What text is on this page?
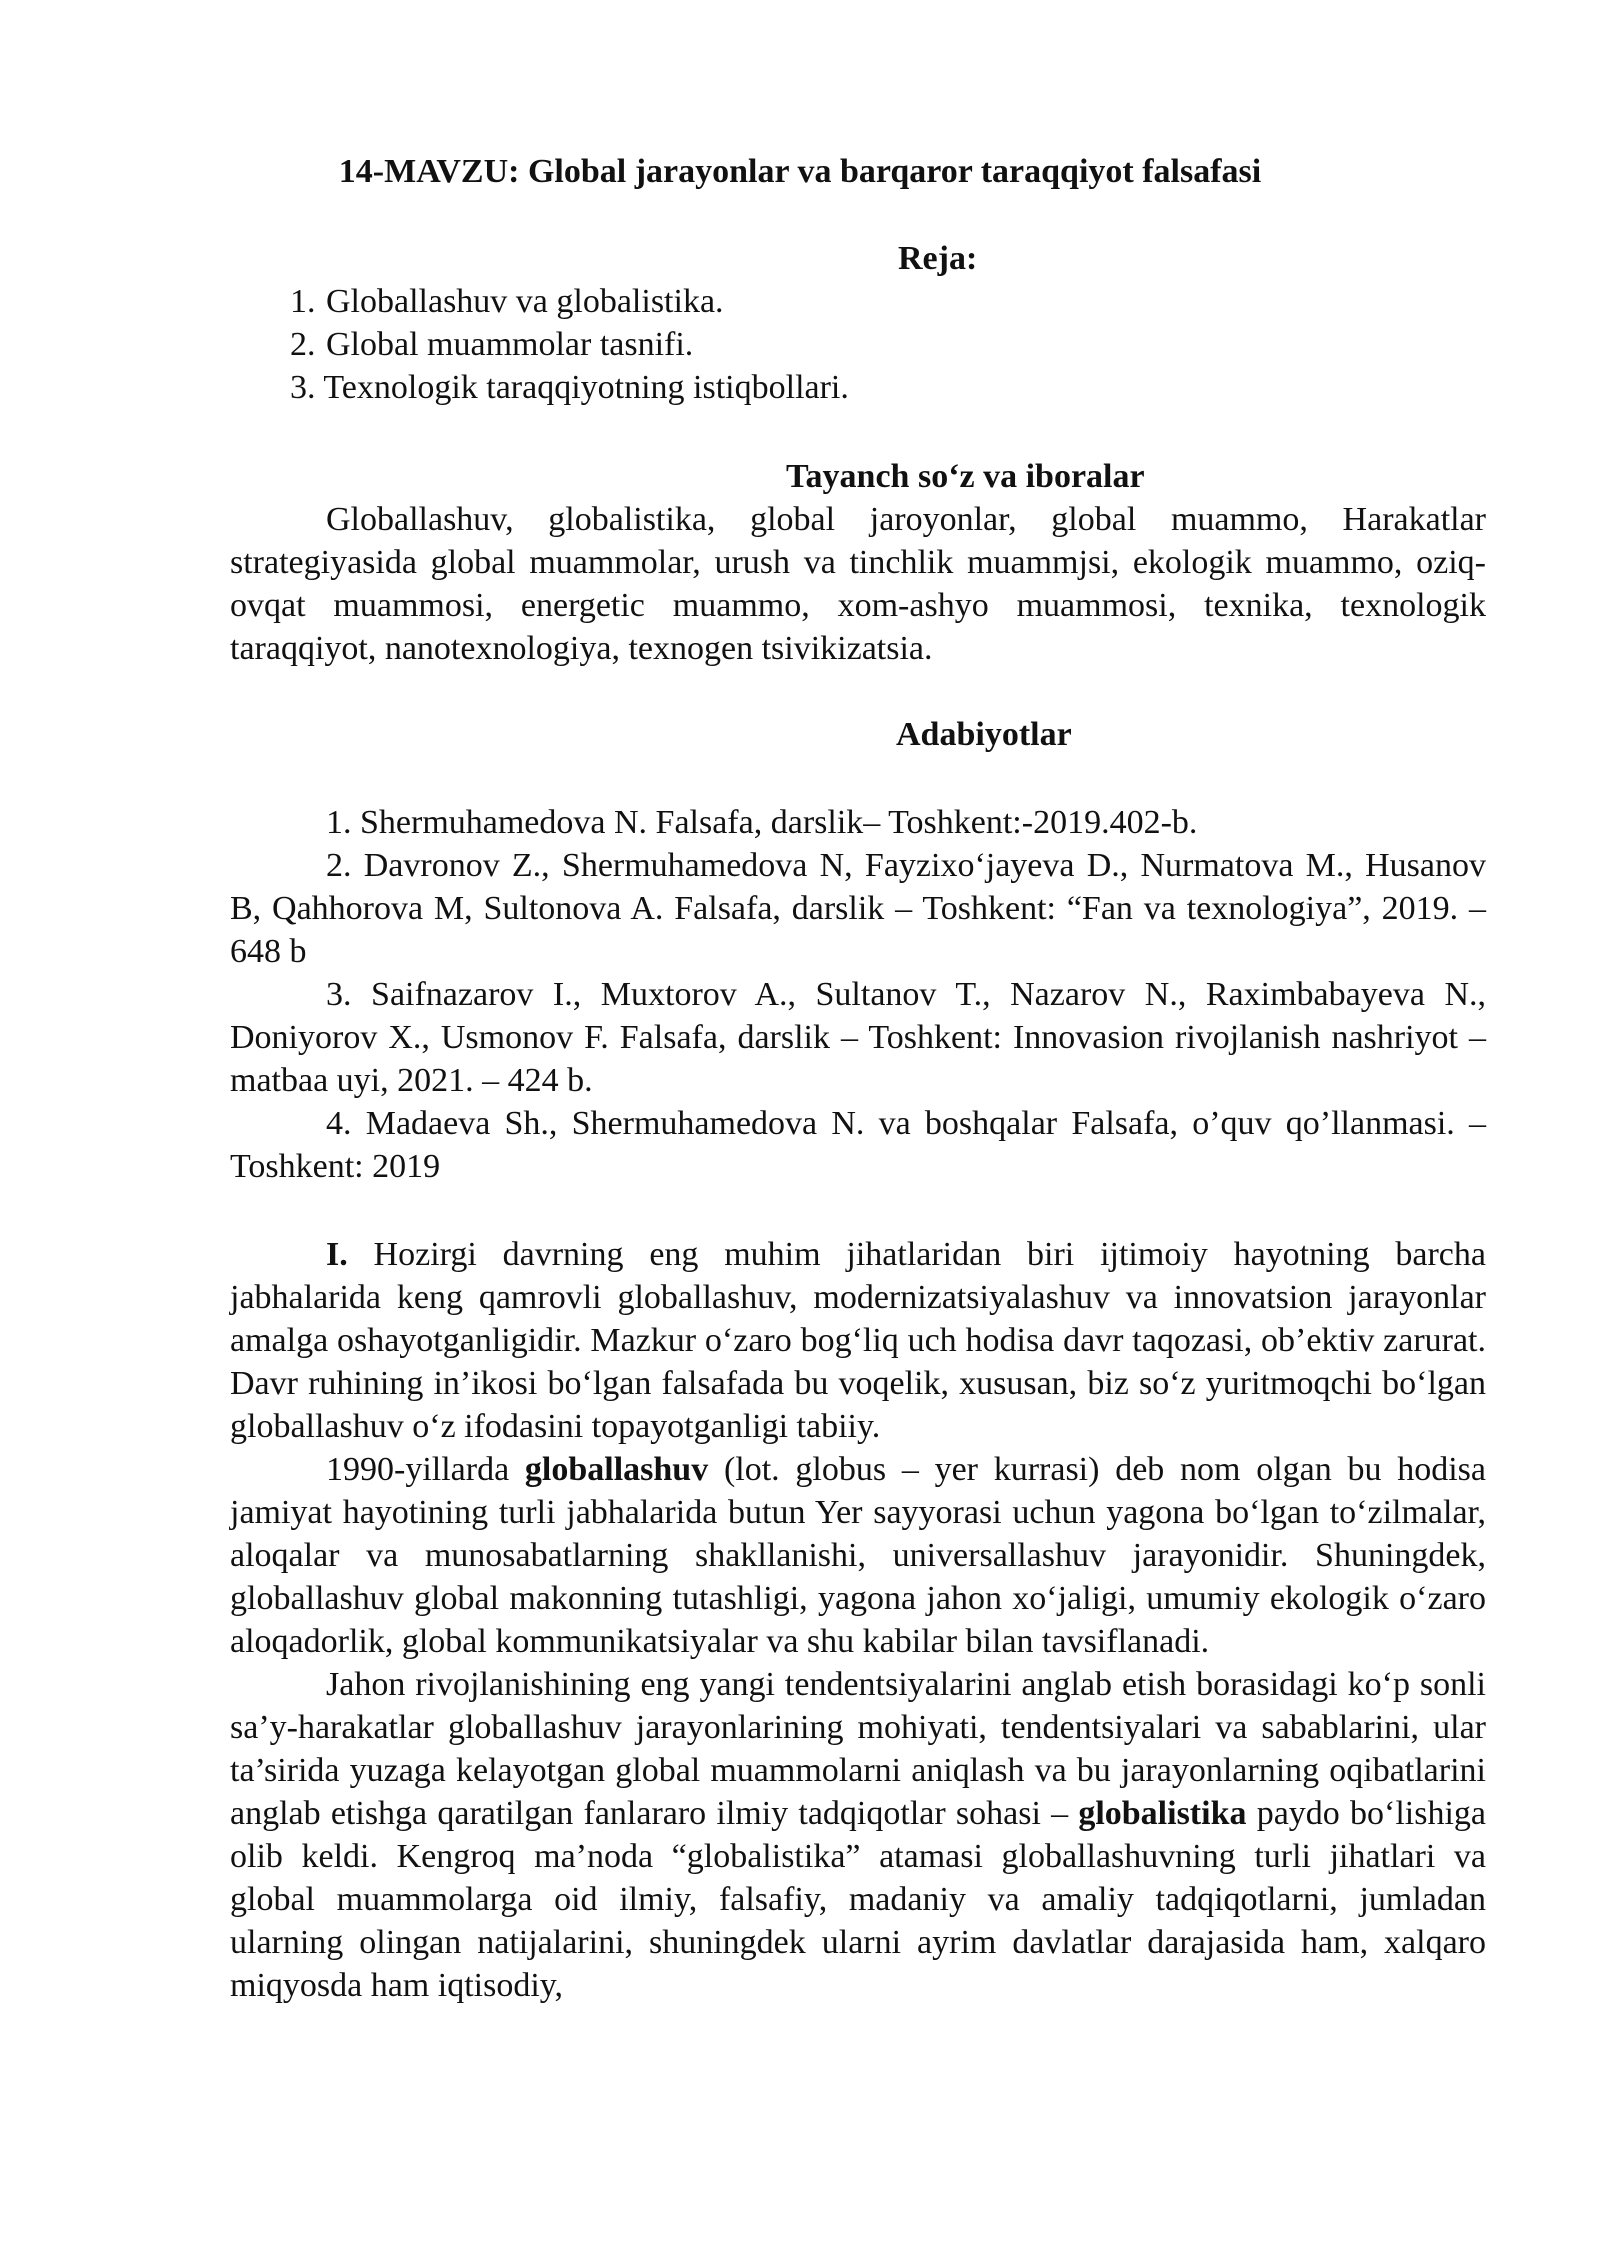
14-MAVZU: Global jarayonlar va barqaror taraqqiyot falsafasi
Reja:
1. Globallashuv va globalistika.
2. Global muammolar tasnifi.
3. Texnologik taraqqiyotning istiqbollari.
Tayanch so‘z va iboralar

Globallashuv, globalistika, global jaroyonlar, global muammo, Harakatlar strategiyasida global muammolar, urush va tinchlik muammjsi, ekologik muammo, oziq-ovqat muammosi, energetic muammo, xom-ashyo muammosi, texnika, texnologik taraqqiyot, nanotexnologiya, texnogen tsivikizatsia.

Adabiyotlar

1. Shermuhamedova N. Falsafa, darslik– Toshkent:-2019.402-b.

2. Davronov Z., Shermuhamedova N, Fayzixo‘jayeva D., Nurmatova M., Husanov B, Qahhorova M, Sultonova A. Falsafa, darslik – Toshkent: “Fan va texnologiya”, 2019. – 648 b

3. Saifnazarov I., Muxtorov A., Sultanov T., Nazarov N., Raximbabayeva N., Doniyorov X., Usmonov F. Falsafa, darslik – Toshkent: Innovasion rivojlanish nashriyot –matbaa uyi, 2021. – 424 b.

4. Madaeva Sh., Shermuhamedova N. va boshqalar Falsafa, o’quv qo’llanmasi. –Toshkent: 2019

I. Hozirgi davrning eng muhim jihatlaridan biri ijtimoiy hayotning barcha jabhalarida keng qamrovli globallashuv, modernizatsiyalashuv va innovatsion jarayonlar amalga oshayotganligidir. Mazkur o‘zaro bog‘liq uch hodisa davr taqozasi, ob’ektiv zarurat. Davr ruhining in’ikosi bo‘lgan falsafada bu voqelik, xususan, biz so‘z yuritmoqchi bo‘lgan globallashuv o‘z ifodasini topayotganligi tabiiy.

1990-yillarda globallashuv (lot. globus – yer kurrasi) deb nom olgan bu hodisa jamiyat hayotining turli jabhalarida butun Yer sayyorasi uchun yagona bo‘lgan to‘zilmalar, aloqalar va munosabatlarning shakllanishi, universallashuv jarayonidir. Shuningdek, globallashuv global makonning tutashligi, yagona jahon xo‘jaligi, umumiy ekologik o‘zaro aloqadorlik, global kommunikatsiyalar va shu kabilar bilan tavsiflanadi.

Jahon rivojlanishining eng yangi tendentsiyalarini anglab etish borasidagi ko‘p sonli sa’y-harakatlar globallashuv jarayonlarining mohiyati, tendentsiyalari va sabablarini, ular ta’sirida yuzaga kelayotgan global muammolarni aniqlash va bu jarayonlarning oqibatlarini anglab etishga qaratilgan fanlararo ilmiy tadqiqotlar sohasi – globalistika paydo bo‘lishiga olib keldi. Kengroq ma’noda “globalistika” atamasi globallashuvning turli jihatlari va global muammolarga oid ilmiy, falsafiy, madaniy va amaliy tadqiqotlarni, jumladan ularning olingan natijalarini, shuningdek ularni ayrim davlatlar darajasida ham, xalqaro miqyosda ham iqtisodiy,
